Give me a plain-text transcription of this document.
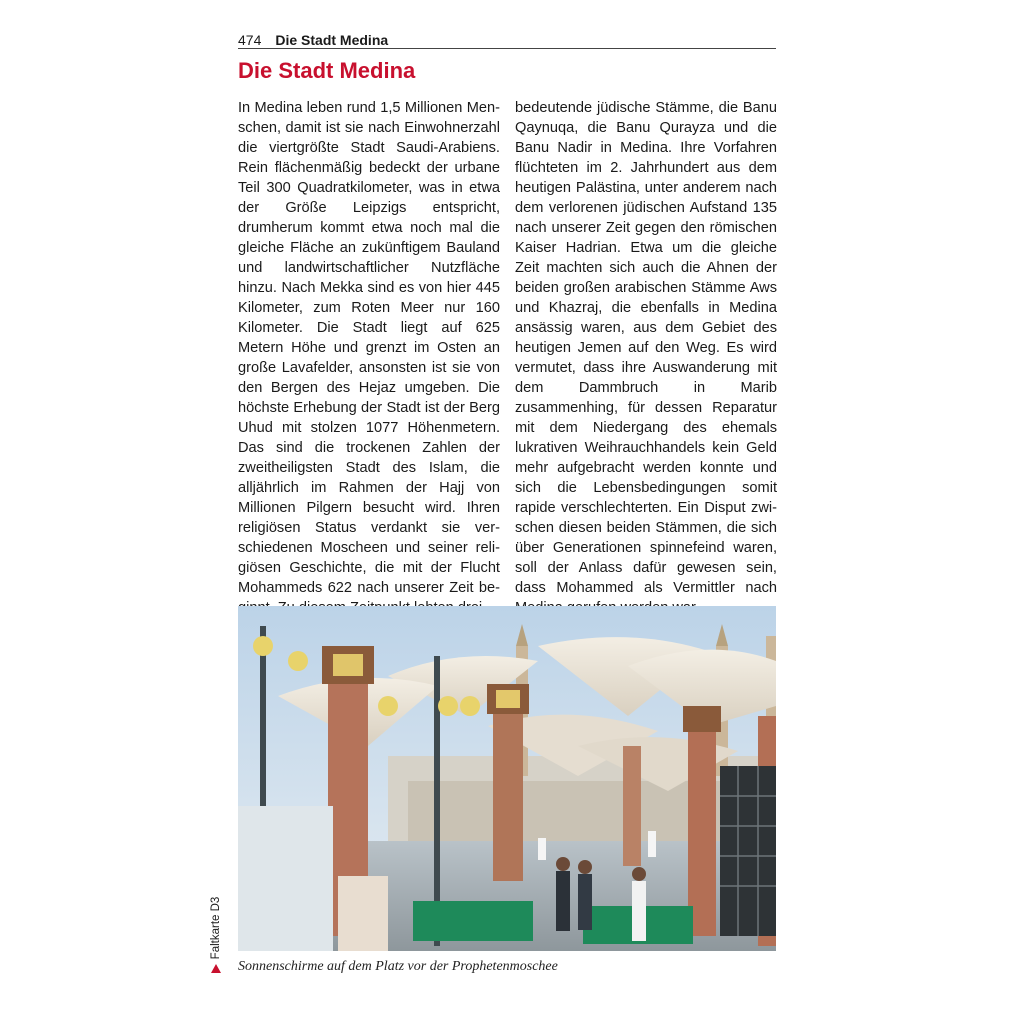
474 Die Stadt Medina
Die Stadt Medina

In Medina leben rund 1,5 Millionen Menschen, damit ist sie nach Einwohnerzahl die viertgrößte Stadt Saudi-Arabiens. Rein flächenmäßig bedeckt der urbane Teil 300 Quadratkilometer, was in etwa der Größe Leipzigs entspricht, drumherum kommt etwa noch mal die gleiche Fläche an zukünftigem Bauland und landwirtschaftlicher Nutzfläche hinzu. Nach Mekka sind es von hier 445 Kilometer, zum Roten Meer nur 160 Kilometer. Die Stadt liegt auf 625 Metern Höhe und grenzt im Osten an große Lavafelder, ansonsten ist sie von den Bergen des Hejaz umgeben. Die höchste Erhebung der Stadt ist der Berg Uhud mit stolzen 1077 Höhenmetern. Das sind die trockenen Zahlen der zweitheiligsten Stadt des Islam, die alljährlich im Rahmen der Hajj von Millionen Pilgern besucht wird. Ihren religiösen Status verdankt sie verschiedenen Moscheen und seiner religiösen Geschichte, die mit der Flucht Mohammeds 622 nach unserer Zeit be

bedeutende jüdische Stämme, die Banu Qaynuqa, die Banu Qurayza und die Banu Nadir in Medina. Ihre Vorfahren flüchteten im 2. Jahrhundert aus dem heutigen Palästina, unter anderem nach dem verlorenen jüdischen Aufstand 135 nach unserer Zeit gegen den römischen Kaiser Hadrian. Etwa um die gleiche Zeit machten sich auch die Ahnen der beiden großen arabischen Stämme Aws und Khazraj, die ebenfalls in Medina ansässig waren, aus dem Gebiet des heutigen Jemen auf den Weg. Es wird vermutet, dass ihre Auswanderung mit dem Dammbruch in Marib zusammenhing, für dessen Reparatur mit dem Niedergang des ehemals lukrativen Weihrauchhandels kein Geld mehr aufgebracht werden konnte und sich die Lebensbedingungen somit rapide verschlechterten. Ein Disput zwischen diesen beiden Stämmen, die sich über Generationen spinnefeind waren, soll der Anlass dafür gewesen sein, dass Mohammed als Vermittler nach

Sonnenschirme auf dem Platz vor der Prophetenmoschee

Faltkarte D3
